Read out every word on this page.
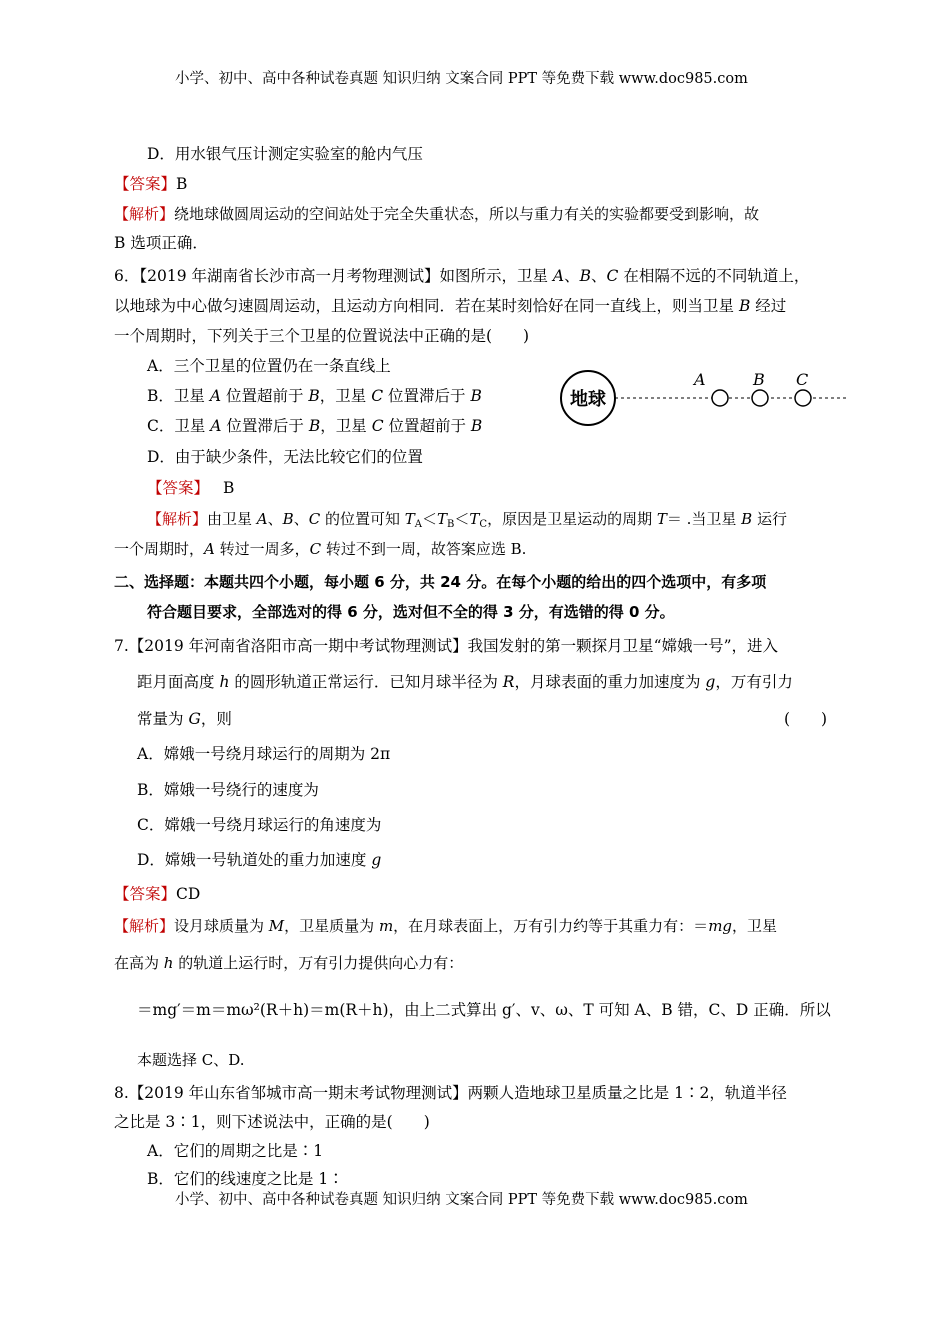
小学、初中、高中各种试卷真题 知识归纳 文案合同 PPT 等免费下载 www.doc985.com
D．用水银气压计测定实验室的舱内气压
【答案】B
【解析】绕地球做圆周运动的空间站处于完全失重状态，所以与重力有关的实验都要受到影响，故
B 选项正确．
6．【2019 年湖南省长沙市高一月考物理测试】如图所示，卫星 A、B、C 在相隔不远的不同轨道上，
以地球为中心做匀速圆周运动，且运动方向相同．若在某时刻恰好在同一直线上，则当卫星 B 经过
一个周期时，下列关于三个卫星的位置说法中正确的是(　　)
A．三个卫星的位置仍在一条直线上
B．卫星 A 位置超前于 B，卫星 C 位置滞后于 B
C．卫星 A 位置滞后于 B，卫星 C 位置超前于 B
D．由于缺少条件，无法比较它们的位置
地球
A	B C
【答案】 B
【解析】由卫星 A、B、C 的位置可知 $T_A<T_B<T_C$，原因是卫星运动的周期 T＝ .当卫星 B 运行
一个周期时，A 转过一周多，C 转过不到一周，故答案应选 B.
二、选择题：本题共四个小题，每小题 6 分，共 24 分。在每个小题的给出的四个选项中，有多项
符合题目要求，全部选对的得 6 分，选对但不全的得 3 分，有选错的得 0 分。
7.【2019 年河南省洛阳市高一期中考试物理测试】我国发射的第一颗探月卫星“嫦娥一号”，进入
距月面高度 h 的圆形轨道正常运行．已知月球半径为 R，月球表面的重力加速度为 g，万有引力
常量为 G，则	(　　)
A．嫦娥一号绕月球运行的周期为 2π
B．嫦娥一号绕行的速度为
C．嫦娥一号绕月球运行的角速度为
D．嫦娥一号轨道处的重力加速度 g
【答案】CD
【解析】设月球质量为 M，卫星质量为 m，在月球表面上，万有引力约等于其重力有：＝mg，卫星
在高为 h 的轨道上运行时，万有引力提供向心力有：
＝mg′＝m＝mω²(R＋h)＝m(R＋h)，由上二式算出 g′、v、ω、T 可知 A、B 错，C、D 正确．所以
本题选择 C、D.
8.【2019 年山东省邹城市高一期末考试物理测试】两颗人造地球卫星质量之比是 1∶2，轨道半径
之比是 3∶1，则下述说法中，正确的是(　　)
A．它们的周期之比是∶1
B．它们的线速度之比是 1∶
小学、初中、高中各种试卷真题 知识归纳 文案合同 PPT 等免费下载 www.doc985.com
